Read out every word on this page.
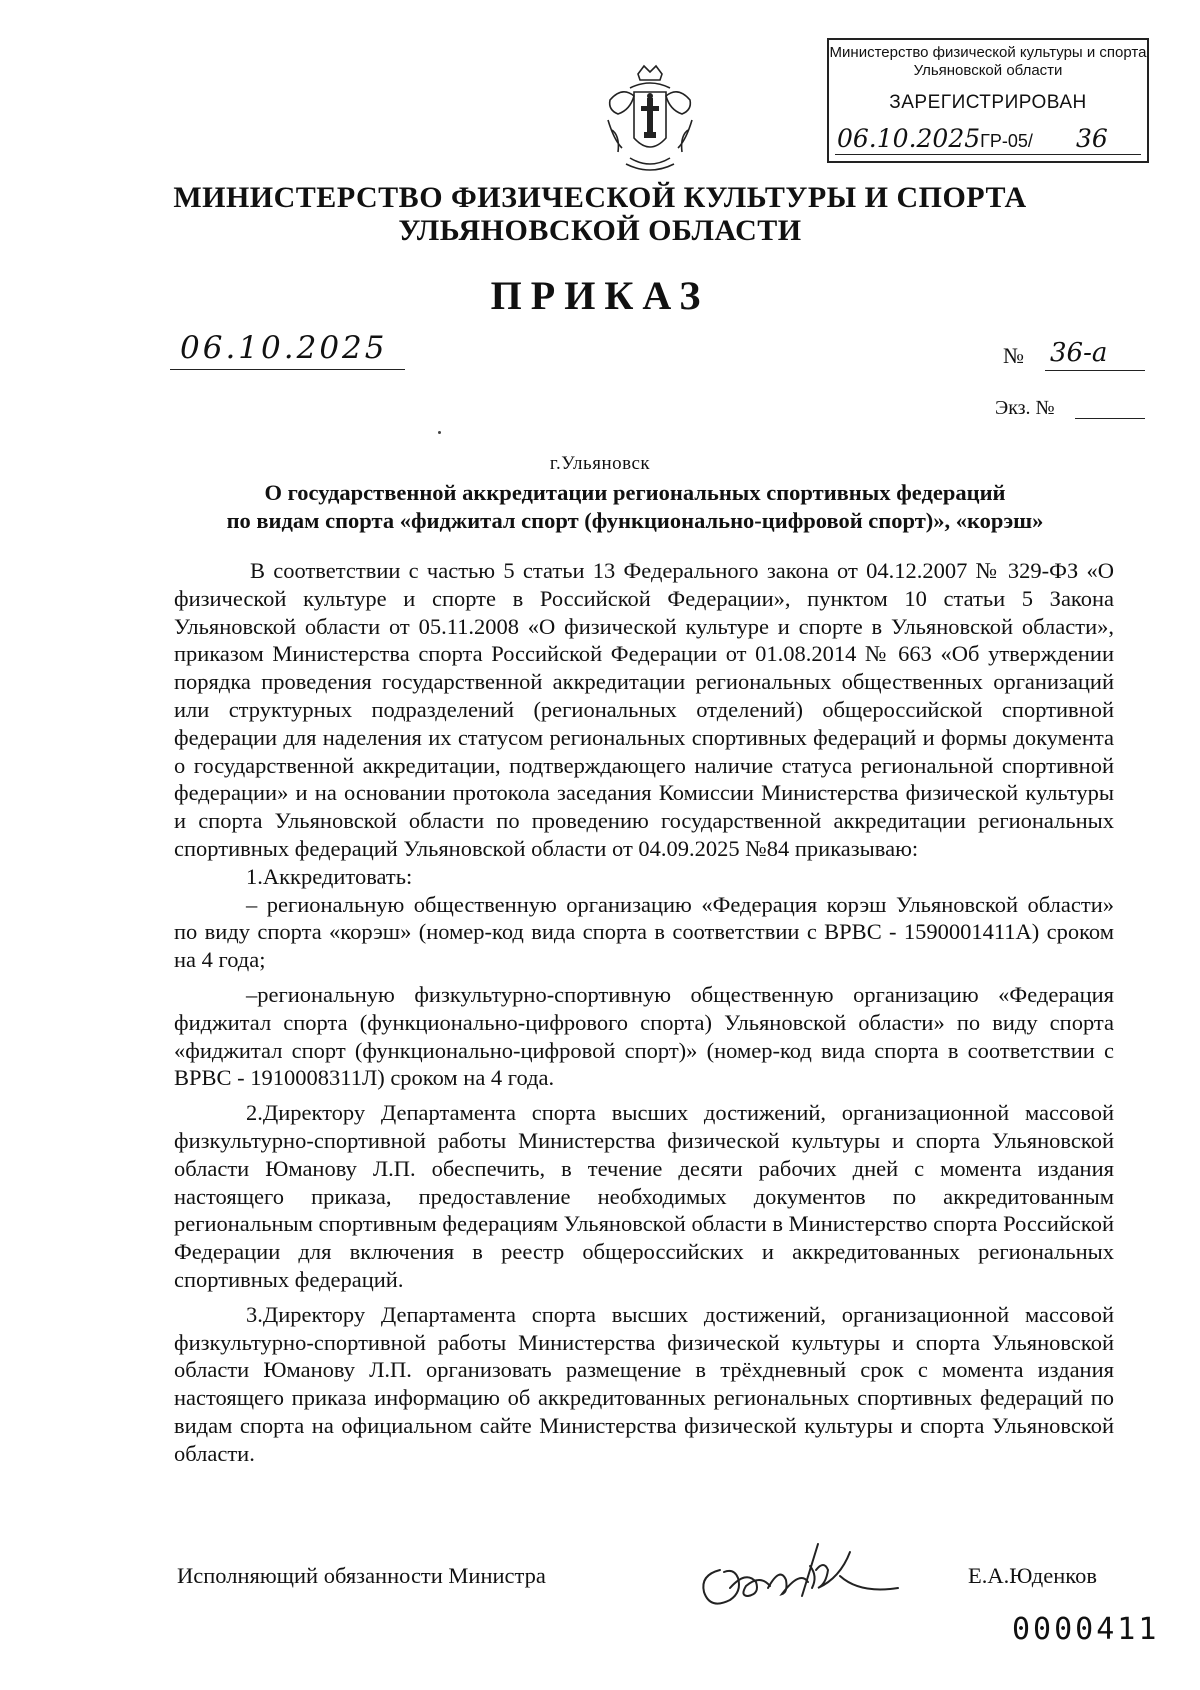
Министерство физической культуры и спорта
Ульяновской области
ЗАРЕГИСТРИРОВАН
06.10.2025ГР-05/ 36
МИНИСТЕРСТВО ФИЗИЧЕСКОЙ КУЛЬТУРЫ И СПОРТА
УЛЬЯНОВСКОЙ ОБЛАСТИ
ПРИКАЗ
06.10.2025	№ 36-а
Экз. №
г.Ульяновск
О государственной аккредитации региональных спортивных федераций
по видам спорта «фиджитал спорт (функционально-цифровой спорт)», «корэш»

В соответствии с частью 5 статьи 13 Федерального закона от 04.12.2007 № 329-ФЗ «О физической культуре и спорте в Российской Федерации», пунктом 10 статьи 5 Закона Ульяновской области от 05.11.2008 «О физической культуре и спорте в Ульяновской области», приказом Министерства спорта Российской Федерации от 01.08.2014 № 663 «Об утверждении порядка проведения государственной аккредитации региональных общественных организаций или структурных подразделений (региональных отделений) общероссийской спортивной федерации для наделения их статусом региональных спортивных федераций и формы документа о государственной аккредитации, подтверждающего наличие статуса региональной спортивной федерации» и на основании протокола заседания Комиссии Министерства физической культуры и спорта Ульяновской области по проведению государственной аккредитации региональных спортивных федераций Ульяновской области от 04.09.2025 №84 приказываю:

1.Аккредитовать:

– региональную общественную организацию «Федерация корэш Ульяновской области» по виду спорта «корэш» (номер-код вида спорта в соответствии с ВРВС - 1590001411А) сроком на 4 года;

–региональную физкультурно-спортивную общественную организацию «Федерация фиджитал спорта (функционально-цифрового спорта) Ульяновской области» по виду спорта «фиджитал спорт (функционально-цифровой спорт)» (номер-код вида спорта в соответствии с ВРВС - 1910008311Л) сроком на 4 года.

2.Директору Департамента спорта высших достижений, организационной массовой физкультурно-спортивной работы Министерства физической культуры и спорта Ульяновской области Юманову Л.П. обеспечить, в течение десяти рабочих дней с момента издания настоящего приказа, предоставление необходимых документов по аккредитованным региональным спортивным федерациям Ульяновской области в Министерство спорта Российской Федерации для включения в реестр общероссийских и аккредитованных региональных спортивных федераций.

3.Директору Департамента спорта высших достижений, организационной массовой физкультурно-спортивной работы Министерства физической культуры и спорта Ульяновской области Юманову Л.П. организовать размещение в трёхдневный срок с момента издания настоящего приказа информацию об аккредитованных региональных спортивных федераций по видам спорта на официальном сайте Министерства физической культуры и спорта Ульяновской области.

Исполняющий обязанности Министра	Е.А.Юденков
0000411
